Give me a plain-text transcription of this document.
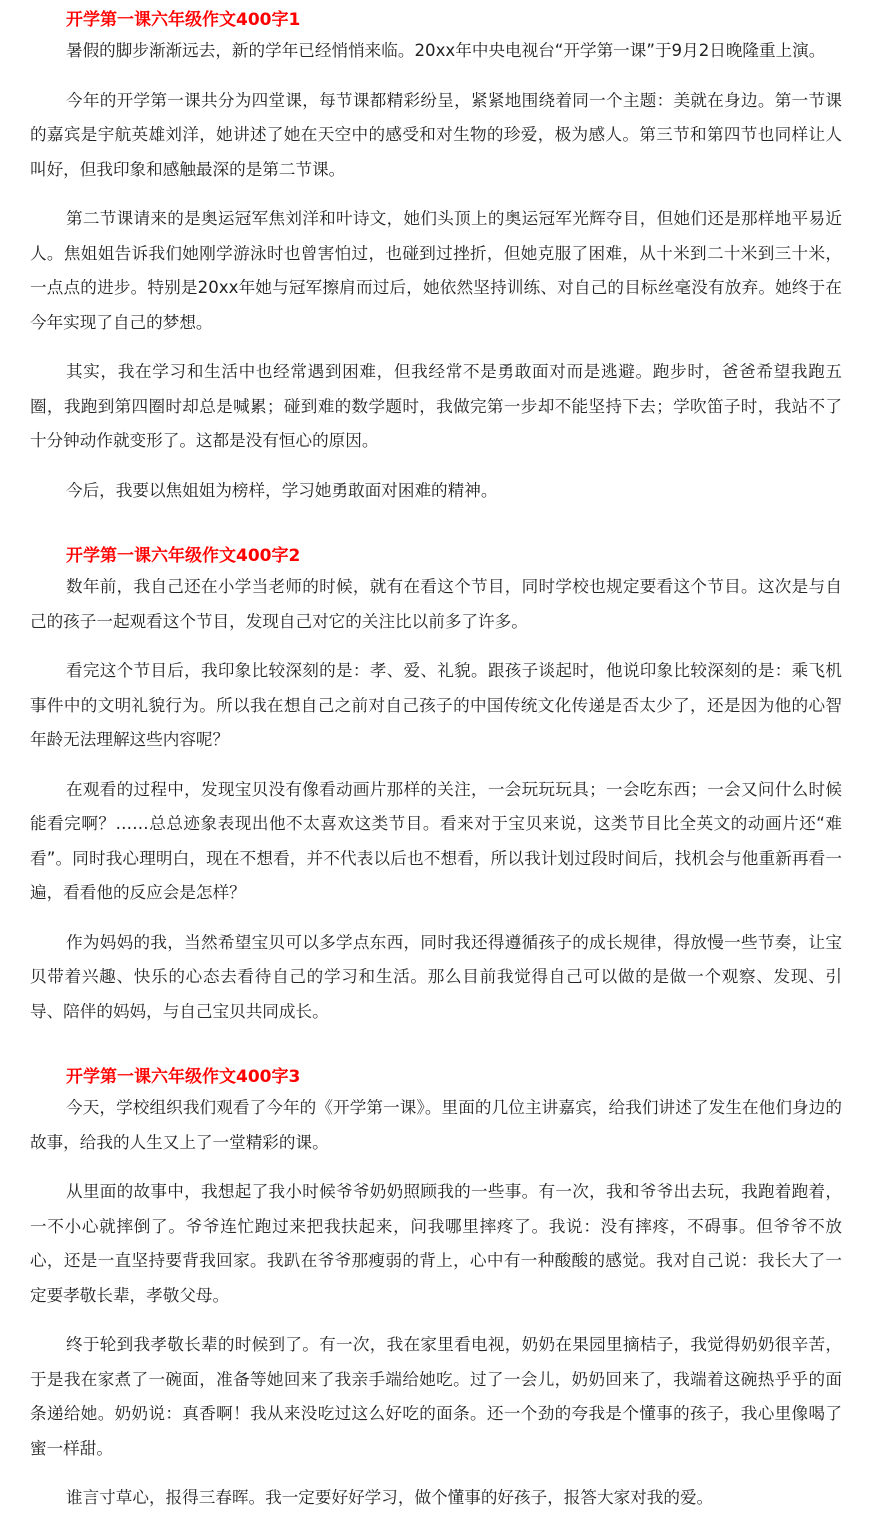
开学第一课六年级作文400字1

暑假的脚步渐渐远去，新的学年已经悄悄来临。20xx年中央电视台“开学第一课”于9月2日晚隆重上演。

今年的开学第一课共分为四堂课，每节课都精彩纷呈，紧紧地围绕着同一个主题：美就在身边。第一节课的嘉宾是宇航英雄刘洋，她讲述了她在天空中的感受和对生物的珍爱，极为感人。第三节和第四节也同样让人叫好，但我印象和感触最深的是第二节课。

第二节课请来的是奥运冠军焦刘洋和叶诗文，她们头顶上的奥运冠军光辉夺目，但她们还是那样地平易近人。焦姐姐告诉我们她刚学游泳时也曾害怕过，也碰到过挫折，但她克服了困难，从十米到二十米到三十米，一点点的进步。特别是20xx年她与冠军擦肩而过后，她依然坚持训练、对自己的目标丝毫没有放弃。她终于在今年实现了自己的梦想。

其实，我在学习和生活中也经常遇到困难，但我经常不是勇敢面对而是逃避。跑步时，爸爸希望我跑五圈，我跑到第四圈时却总是喊累；碰到难的数学题时，我做完第一步却不能坚持下去；学吹笛子时，我站不了十分钟动作就变形了。这都是没有恒心的原因。

今后，我要以焦姐姐为榜样，学习她勇敢面对困难的精神。

开学第一课六年级作文400字2

数年前，我自己还在小学当老师的时候，就有在看这个节目，同时学校也规定要看这个节目。这次是与自己的孩子一起观看这个节目，发现自己对它的关注比以前多了许多。

看完这个节目后，我印象比较深刻的是：孝、爱、礼貌。跟孩子谈起时，他说印象比较深刻的是：乘飞机事件中的文明礼貌行为。所以我在想自己之前对自己孩子的中国传统文化传递是否太少了，还是因为他的心智年龄无法理解这些内容呢？

在观看的过程中，发现宝贝没有像看动画片那样的关注，一会玩玩玩具；一会吃东西；一会又问什么时候能看完啊？……总总迹象表现出他不太喜欢这类节目。看来对于宝贝来说，这类节目比全英文的动画片还“难看”。同时我心理明白，现在不想看，并不代表以后也不想看，所以我计划过段时间后，找机会与他重新再看一遍，看看他的反应会是怎样？

作为妈妈的我，当然希望宝贝可以多学点东西，同时我还得遵循孩子的成长规律，得放慢一些节奏，让宝贝带着兴趣、快乐的心态去看待自己的学习和生活。那么目前我觉得自己可以做的是做一个观察、发现、引导、陪伴的妈妈，与自己宝贝共同成长。

开学第一课六年级作文400字3

今天，学校组织我们观看了今年的《开学第一课》。里面的几位主讲嘉宾，给我们讲述了发生在他们身边的故事，给我的人生又上了一堂精彩的课。

从里面的故事中，我想起了我小时候爷爷奶奶照顾我的一些事。有一次，我和爷爷出去玩，我跑着跑着，一不小心就摔倒了。爷爷连忙跑过来把我扶起来，问我哪里摔疼了。我说：没有摔疼，不碍事。但爷爷不放心，还是一直坚持要背我回家。我趴在爷爷那瘦弱的背上，心中有一种酸酸的感觉。我对自己说：我长大了一定要孝敬长辈，孝敬父母。

终于轮到我孝敬长辈的时候到了。有一次，我在家里看电视，奶奶在果园里摘桔子，我觉得奶奶很辛苦，于是我在家煮了一碗面，准备等她回来了我亲手端给她吃。过了一会儿，奶奶回来了，我端着这碗热乎乎的面条递给她。奶奶说：真香啊！我从来没吃过这么好吃的面条。还一个劲的夸我是个懂事的孩子，我心里像喝了蜜一样甜。

谁言寸草心，报得三春晖。我一定要好好学习，做个懂事的好孩子，报答大家对我的爱。
